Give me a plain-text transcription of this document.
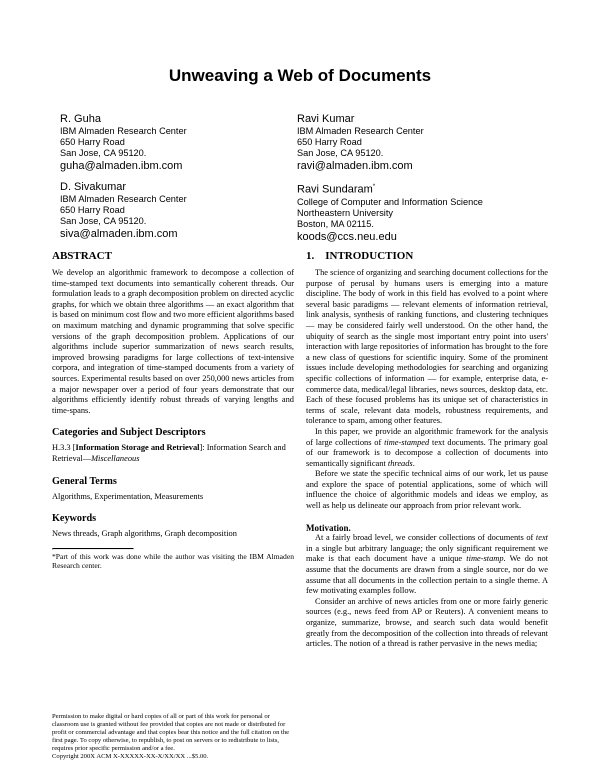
Unweaving a Web of Documents

R. Guha

IBM Almaden Research Center

650 Harry Road

San Jose, CA 95120.

guha@almaden.ibm.com

Ravi Kumar

IBM Almaden Research Center

650 Harry Road

San Jose, CA 95120.

ravi@almaden.ibm.com

D. Sivakumar

IBM Almaden Research Center

650 Harry Road

San Jose, CA 95120.

siva@almaden.ibm.com

Ravi Sundaram*

College of Computer and Information Science

Northeastern University

Boston, MA 02115.

koods@ccs.neu.edu

ABSTRACT

We develop an algorithmic framework to decompose a collection of time-stamped text documents into semantically coherent threads. Our formulation leads to a graph decomposition problem on directed acyclic graphs, for which we obtain three algorithms — an exact algorithm that is based on minimum cost flow and two more efficient algorithms based on maximum matching and dynamic programming that solve specific versions of the graph decomposition problem. Applications of our algorithms include superior summarization of news search results, improved browsing paradigms for large collections of text-intensive corpora, and integration of time-stamped documents from a variety of sources. Experimental results based on over 250,000 news articles from a major newspaper over a period of four years demonstrate that our algorithms efficiently identify robust threads of varying lengths and time-spans.

Categories and Subject Descriptors

H.3.3 [Information Storage and Retrieval]: Information Search and Retrieval—Miscellaneous

General Terms

Algorithms, Experimentation, Measurements

Keywords

News threads, Graph algorithms, Graph decomposition

*Part of this work was done while the author was visiting the IBM Almaden Research center.

Permission to make digital or hard copies of all or part of this work for personal or classroom use is granted without fee provided that copies are not made or distributed for profit or commercial advantage and that copies bear this notice and the full citation on the first page. To copy otherwise, to republish, to post on servers or to redistribute to lists, requires prior specific permission and/or a fee.

Copyright 200X ACM X-XXXXX-XX-X/XX/XX ...$5.00.

1.    INTRODUCTION

The science of organizing and searching document collections for the purpose of perusal by humans users is emerging into a mature discipline. The body of work in this field has evolved to a point where several basic paradigms — relevant elements of information retrieval, link analysis, synthesis of ranking functions, and clustering techniques — may be considered fairly well understood. On the other hand, the ubiquity of search as the single most important entry point into users' interaction with large repositories of information has brought to the fore a new class of questions for scientific inquiry. Some of the prominent issues include developing methodologies for searching and organizing specific collections of information — for example, enterprise data, e-commerce data, medical/legal libraries, news sources, desktop data, etc. Each of these focused problems has its unique set of characteristics in terms of scale, relevant data models, robustness requirements, and tolerance to spam, among other features.

In this paper, we provide an algorithmic framework for the analysis of large collections of time-stamped text documents. The primary goal of our framework is to decompose a collection of documents into semantically significant threads.

Before we state the specific technical aims of our work, let us pause and explore the space of potential applications, some of which will influence the choice of algorithmic models and ideas we employ, as well as help us delineate our approach from prior relevant work.

Motivation.

At a fairly broad level, we consider collections of documents of text in a single but arbitrary language; the only significant requirement we make is that each document have a unique time-stamp. We do not assume that the documents are drawn from a single source, nor do we assume that all documents in the collection pertain to a single theme. A few motivating examples follow.

Consider an archive of news articles from one or more fairly generic sources (e.g., news feed from AP or Reuters). A convenient means to organize, summarize, browse, and search such data would benefit greatly from the decomposition of the collection into threads of relevant articles. The notion of a thread is rather pervasive in the news media;
